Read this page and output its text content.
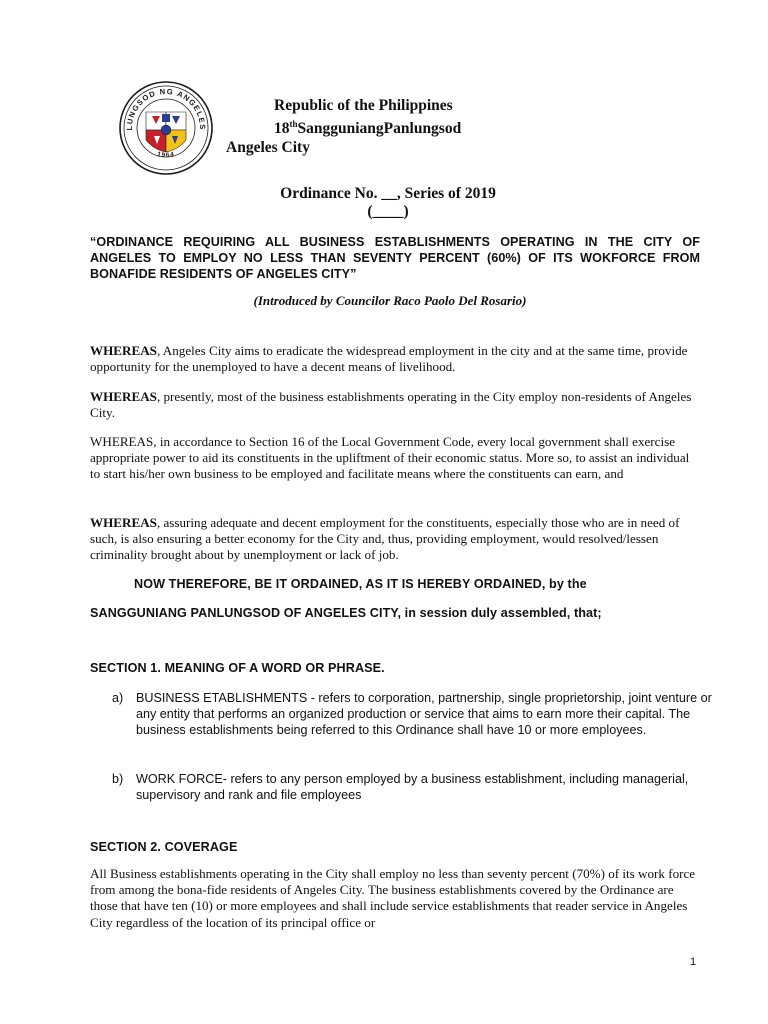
LUNGSOD NG ANGELES
1964
Republic of the Philippines
18thSangguniangPanlungsod
Angeles City
Ordinance No. __, Series of 2019
(____)
“ORDINANCE REQUIRING ALL BUSINESS ESTABLISHMENTS OPERATING IN THE CITY OF ANGELES TO EMPLOY NO LESS THAN SEVENTY PERCENT (60%) OF ITS WOKFORCE FROM BONAFIDE RESIDENTS OF ANGELES CITY”
(Introduced by Councilor Raco Paolo Del Rosario)
WHEREAS, Angeles City aims to eradicate the widespread employment in the city and at the same time, provide opportunity for the unemployed to have a decent means of livelihood.
WHEREAS, presently, most of the business establishments operating in the City employ non-residents of Angeles City.
WHEREAS, in accordance to Section 16 of the Local Government Code, every local government shall exercise appropriate power to aid its constituents in the upliftment of their economic status. More so, to assist an individual to start his/her own business to be employed and facilitate means where the constituents can earn, and
WHEREAS, assuring adequate and decent employment for the constituents, especially those who are in need of such, is also ensuring a better economy for the City and, thus, providing employment, would resolved/lessen criminality brought about by unemployment or lack of job.
NOW THEREFORE, BE IT ORDAINED, AS IT IS HEREBY ORDAINED, by the
SANGGUNIANG PANLUNGSOD OF ANGELES CITY, in session duly assembled, that;
SECTION 1. MEANING OF A WORD OR PHRASE.
a)	BUSINESS ETABLISHMENTS - refers to corporation, partnership, single proprietorship, joint venture or any entity that performs an organized production or service that aims to earn more their capital. The business establishments being referred to this Ordinance shall have 10 or more employees.
b)	WORK FORCE- refers to any person employed by a business establishment, including managerial, supervisory and rank and file employees
SECTION 2. COVERAGE
All Business establishments operating in the City shall employ no less than seventy percent (70%) of its work force from among the bona-fide residents of Angeles City. The business establishments covered by the Ordinance are those that have ten (10) or more employees and shall include service establishments that reader service in Angeles City regardless of the location of its principal office or
1
